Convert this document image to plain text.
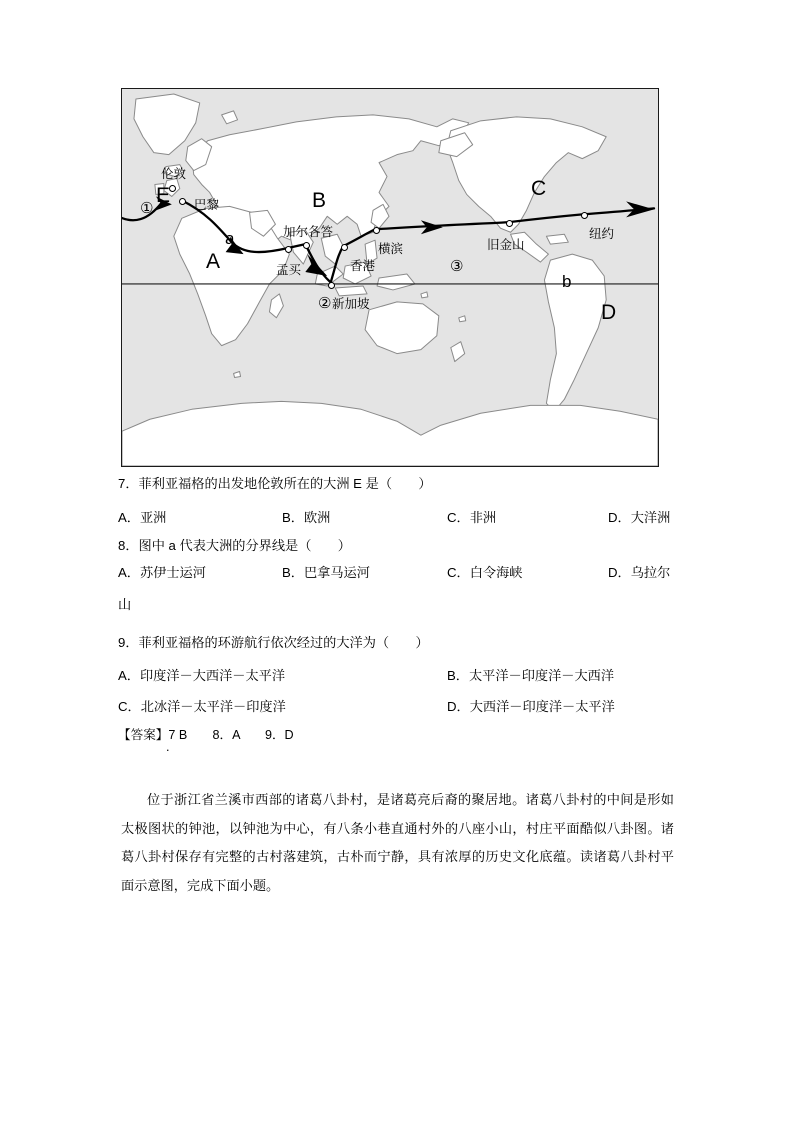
E
A
B
C
D
a
b
①
②
③
伦敦
巴黎
孟买
加尔各答
新加坡
香港
横滨	旧金山
纽约
7．菲利亚福格的出发地伦敦所在的大洲 E 是（　　）
A．亚洲	B．欧洲	C．非洲	D．大洋洲
8．图中 a 代表大洲的分界线是（　　）
A．苏伊士运河	B．巴拿马运河	C．白令海峡	D．乌拉尔
山
9．菲利亚福格的环游航行依次经过的大洋为（　　）
A．印度洋－大西洋－太平洋	B．太平洋－印度洋－大西洋
C．北冰洋－太平洋－印度洋	D．大西洋－印度洋－太平洋
【答案】7 B　　8．A　　9．D
.
位于浙江省兰溪市西部的诸葛八卦村，是诸葛亮后裔的聚居地。诸葛八卦村的中间是形如太极图状的钟池，以钟池为中心，有八条小巷直通村外的八座小山，村庄平面酷似八卦图。诸葛八卦村保存有完整的古村落建筑，古朴而宁静，具有浓厚的历史文化底蕴。读诸葛八卦村平面示意图，完成下面小题。
